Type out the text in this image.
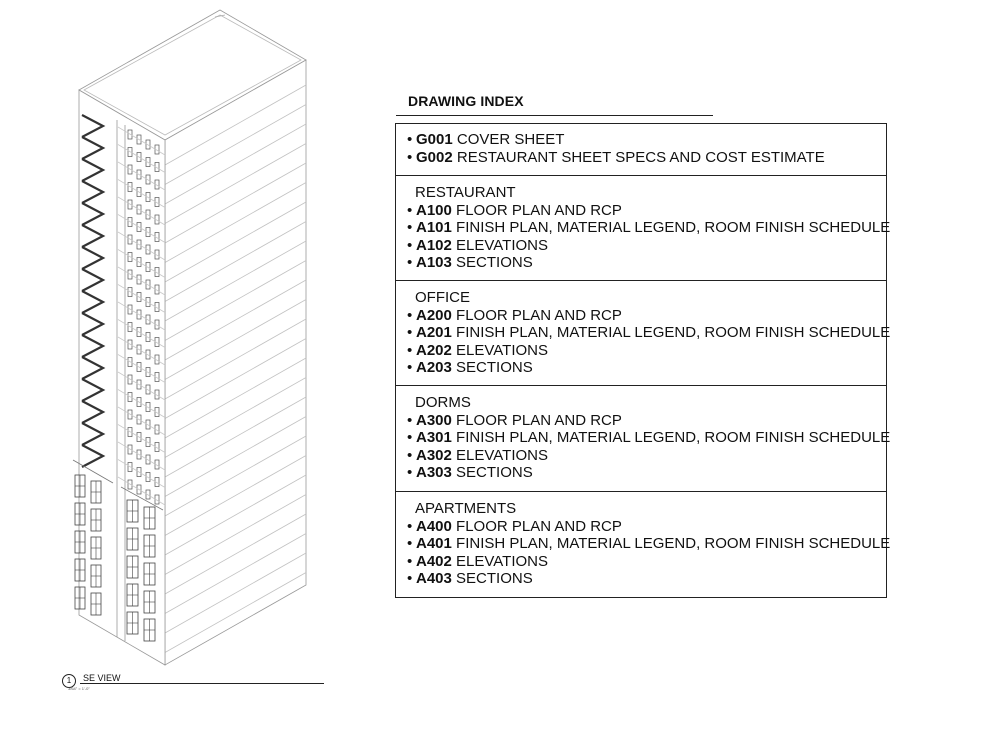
1	SE VIEW
3/64" = 1'-0"
DRAWING INDEX
• G001 COVER SHEET
• G002 RESTAURANT SHEET SPECS AND COST ESTIMATE
RESTAURANT
• A100 FLOOR PLAN AND RCP
• A101 FINISH PLAN, MATERIAL LEGEND, ROOM FINISH SCHEDULE
• A102 ELEVATIONS
• A103 SECTIONS
OFFICE
• A200 FLOOR PLAN AND RCP
• A201 FINISH PLAN, MATERIAL LEGEND, ROOM FINISH SCHEDULE
• A202 ELEVATIONS
• A203 SECTIONS
DORMS
• A300 FLOOR PLAN AND RCP
• A301 FINISH PLAN, MATERIAL LEGEND, ROOM FINISH SCHEDULE
• A302 ELEVATIONS
• A303 SECTIONS
APARTMENTS
• A400 FLOOR PLAN AND RCP
• A401 FINISH PLAN, MATERIAL LEGEND, ROOM FINISH SCHEDULE
• A402 ELEVATIONS
• A403 SECTIONS
